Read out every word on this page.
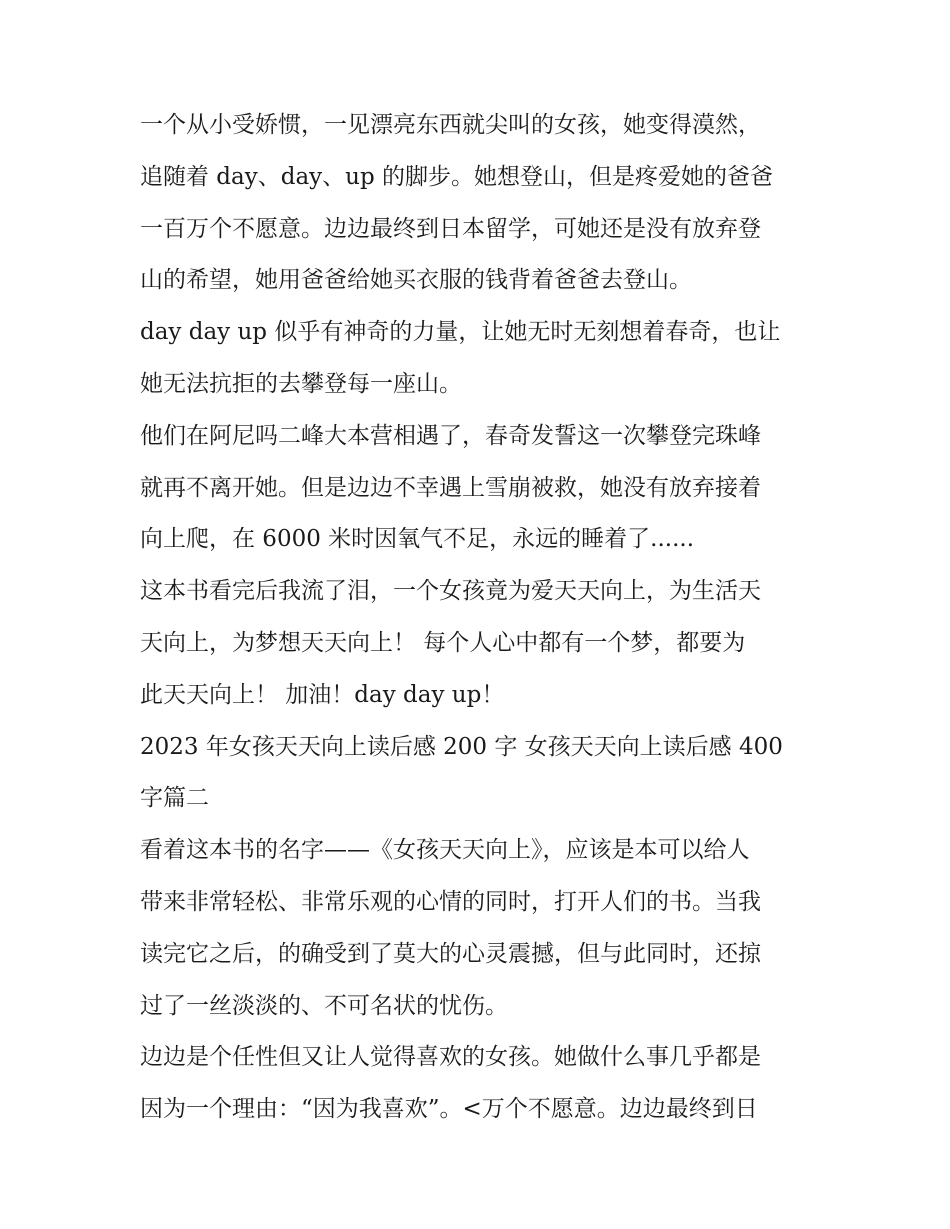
一个从小受娇惯，一见漂亮东西就尖叫的女孩，她变得漠然，
追随着 day、day、up 的脚步。她想登山，但是疼爱她的爸爸
一百万个不愿意。边边最终到日本留学，可她还是没有放弃登
山的希望，她用爸爸给她买衣服的钱背着爸爸去登山。
day day up 似乎有神奇的力量，让她无时无刻想着春奇，也让
她无法抗拒的去攀登每一座山。
他们在阿尼吗二峰大本营相遇了，春奇发誓这一次攀登完珠峰
就再不离开她。但是边边不幸遇上雪崩被救，她没有放弃接着
向上爬，在 6000 米时因氧气不足，永远的睡着了......
这本书看完后我流了泪，一个女孩竟为爱天天向上，为生活天
天向上，为梦想天天向上！ 每个人心中都有一个梦，都要为
此天天向上！ 加油！day day up！
2023 年女孩天天向上读后感 200 字 女孩天天向上读后感 400
字篇二
看着这本书的名字——《女孩天天向上》，应该是本可以给人
带来非常轻松、非常乐观的心情的同时，打开人们的书。当我
读完它之后，的确受到了莫大的心灵震撼，但与此同时，还掠
过了一丝淡淡的、不可名状的忧伤。
边边是个任性但又让人觉得喜欢的女孩。她做什么事几乎都是
因为一个理由：“因为我喜欢”。<万个不愿意。边边最终到日
